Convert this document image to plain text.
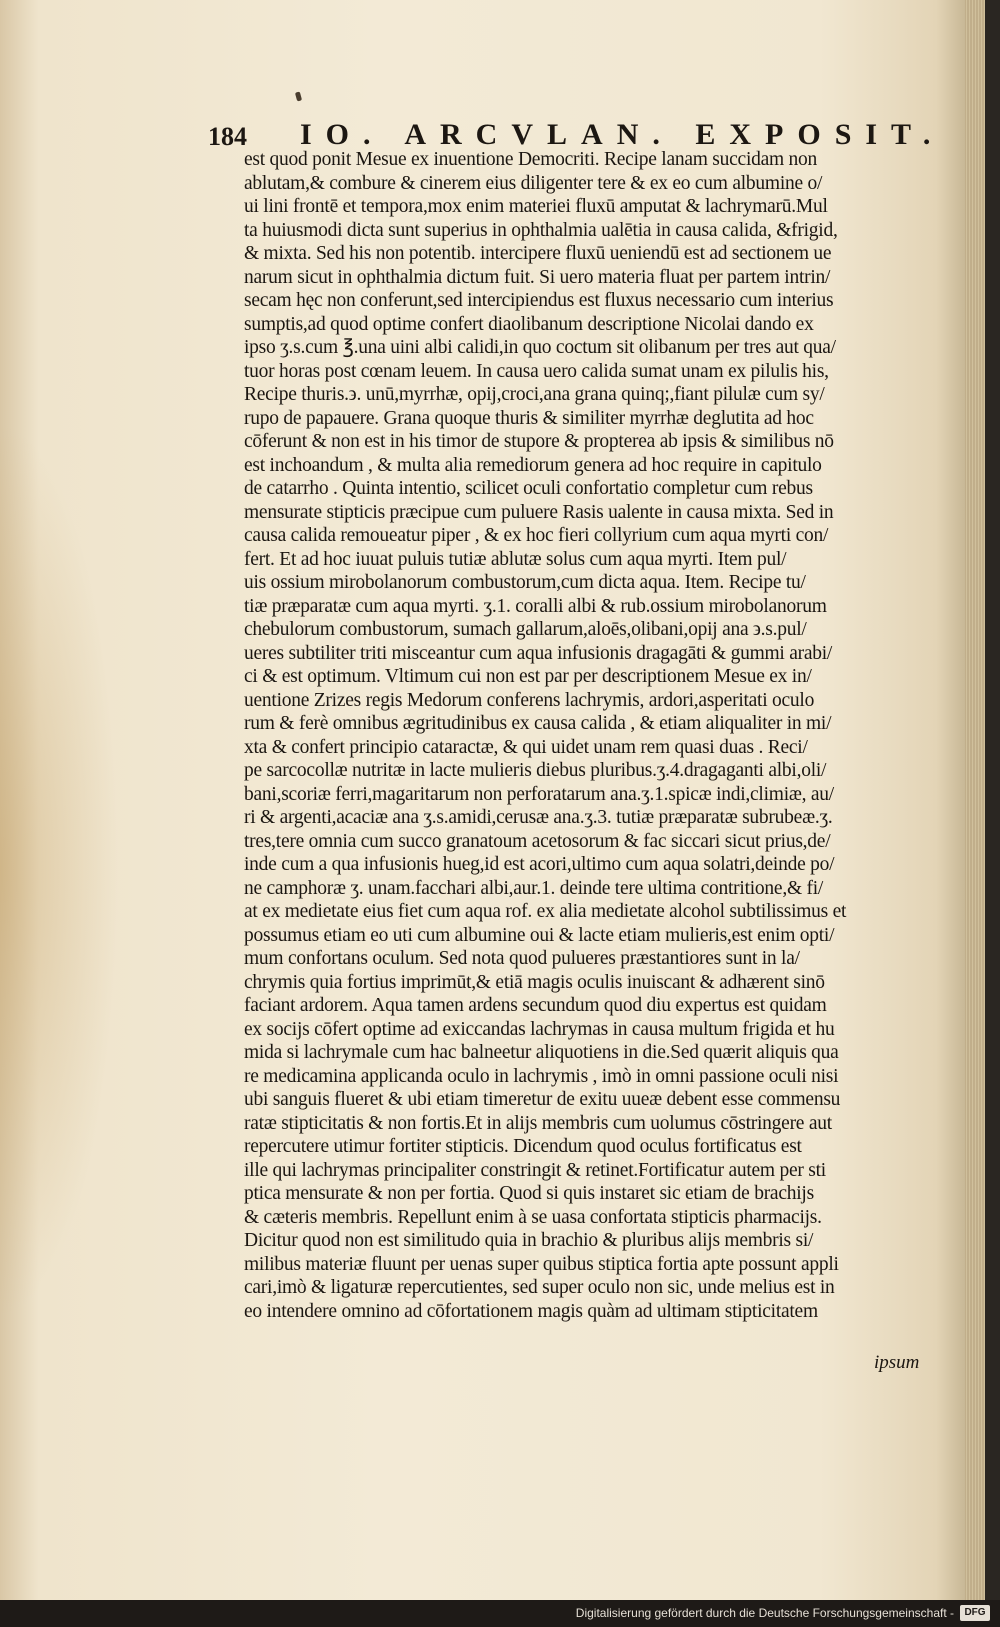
184 IO. ARCVLAN. EXPOSIT.
est quod ponit Mesue ex inuentione Democriti. Recipe lanam succidam non
ablutam,& combure & cinerem eius diligenter tere & ex eo cum albumine o/
ui lini frontē et tempora,mox enim materiei fluxū amputat & lachrymarū.Mul
ta huiusmodi dicta sunt superius in ophthalmia ualētia in causa calida, &frigid,
& mixta. Sed his non potentib. intercipere fluxū ueniendū est ad sectionem ue
narum sicut in ophthalmia dictum fuit. Si uero materia fluat per partem intrin/
secam hęc non conferunt,sed intercipiendus est fluxus necessario cum interius
sumptis,ad quod optime confert diaolibanum descriptione Nicolai dando ex
ipso ʒ.s.cum ℥.una uini albi calidi,in quo coctum sit olibanum per tres aut qua/
tuor horas post cœnam leuem. In causa uero calida sumat unam ex pilulis his,
Recipe thuris.϶. unū,myrrhæ, opij,croci,ana grana quinq;,fiant pilulæ cum sy/
rupo de papauere. Grana quoque thuris & similiter myrrhæ deglutita ad hoc
cōferunt & non est in his timor de stupore & propterea ab ipsis & similibus nō
est inchoandum , & multa alia remediorum genera ad hoc require in capitulo
de catarrho . Quinta intentio, scilicet oculi confortatio completur cum rebus
mensurate stipticis præcipue cum puluere Rasis ualente in causa mixta. Sed in
causa calida remoueatur piper , & ex hoc fieri collyrium cum aqua myrti con/
fert. Et ad hoc iuuat puluis tutiæ ablutæ solus cum aqua myrti. Item pul/
uis ossium mirobolanorum combustorum,cum dicta aqua. Item. Recipe tu/
tiæ præparatæ cum aqua myrti. ʒ.1. coralli albi & rub.ossium mirobolanorum
chebulorum combustorum, sumach gallarum,aloēs,olibani,opij ana ϶.s.pul/
ueres subtiliter triti misceantur cum aqua infusionis dragagāti & gummi arabi/
ci & est optimum. Vltimum cui non est par per descriptionem Mesue ex in/
uentione Zrizes regis Medorum conferens lachrymis, ardori,asperitati oculo
rum & ferè omnibus ægritudinibus ex causa calida , & etiam aliqualiter in mi/
xta & confert principio cataractæ, & qui uidet unam rem quasi duas . Reci/
pe sarcocollæ nutritæ in lacte mulieris diebus pluribus.ʒ.4.dragaganti albi,oli/
bani,scoriæ ferri,magaritarum non perforatarum ana.ʒ.1.spicæ indi,climiæ, au/
ri & argenti,acaciæ ana ʒ.s.amidi,cerusæ ana.ʒ.3. tutiæ præparatæ subrubeæ.ʒ.
tres,tere omnia cum succo granatoum acetosorum & fac siccari sicut prius,de/
inde cum a qua infusionis hueg,id est acori,ultimo cum aqua solatri,deinde po/
ne camphoræ ʒ. unam.facchari albi,aur.1. deinde tere ultima contritione,& fi/
at ex medietate eius fiet cum aqua rof. ex alia medietate alcohol subtilissimus et
possumus etiam eo uti cum albumine oui & lacte etiam mulieris,est enim opti/
mum confortans oculum. Sed nota quod pulueres præstantiores sunt in la/
chrymis quia fortius imprimūt,& etiā magis oculis inuiscant & adhærent sinō
faciant ardorem. Aqua tamen ardens secundum quod diu expertus est quidam
ex socijs cōfert optime ad exiccandas lachrymas in causa multum frigida et hu
mida si lachrymale cum hac balneetur aliquotiens in die.Sed quærit aliquis qua
re medicamina applicanda oculo in lachrymis , imò in omni passione oculi nisi
ubi sanguis flueret & ubi etiam timeretur de exitu uueæ debent esse commensu
ratæ stipticitatis & non fortis.Et in alijs membris cum uolumus cōstringere aut
repercutere utimur fortiter stipticis. Dicendum quod oculus fortificatus est
ille qui lachrymas principaliter constringit & retinet.Fortificatur autem per sti
ptica mensurate & non per fortia. Quod si quis instaret sic etiam de brachijs
& cæteris membris. Repellunt enim à se uasa confortata stipticis pharmacijs.
Dicitur quod non est similitudo quia in brachio & pluribus alijs membris si/
milibus materiæ fluunt per uenas super quibus stiptica fortia apte possunt appli
cari,imò & ligaturæ repercutientes, sed super oculo non sic, unde melius est in
eo intendere omnino ad cōfortationem magis quàm ad ultimam stipticitatem
ipsum
Digitalisierung gefördert durch die Deutsche Forschungsgemeinschaft -	DFG
